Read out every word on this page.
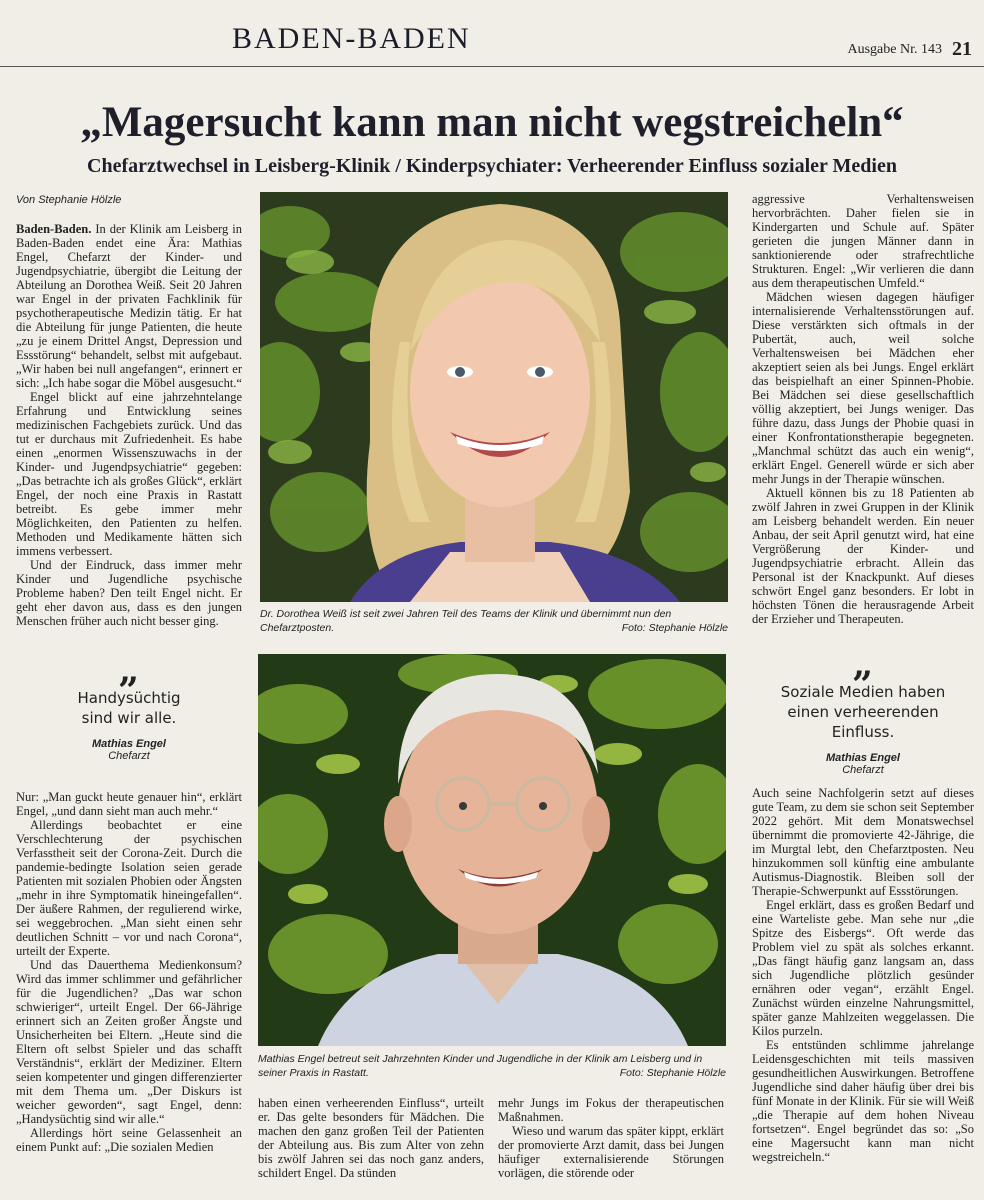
BADEN-BADEN	Ausgabe Nr. 143 21
„Magersucht kann man nicht wegstreicheln“
Chefarztwechsel in Leisberg-Klinik / Kinderpsychiater: Verheerender Einfluss sozialer Medien
Von Stephanie Hölzle

Baden-Baden. In der Klinik am Leisberg in Baden-Baden endet eine Ära: Mathias Engel, Chefarzt der Kinder- und Jugendpsychiatrie, übergibt die Leitung der Abteilung an Dorothea Weiß. Seit 20 Jahren war Engel in der privaten Fachklinik für psychotherapeutische Medizin tätig. Er hat die Abteilung für junge Patienten, die heute „zu je einem Drittel Angst, Depression und Essstörung“ behandelt, selbst mit aufgebaut. „Wir haben bei null angefangen“, erinnert er sich: „Ich habe sogar die Möbel ausgesucht.“

Engel blickt auf eine jahrzehntelange Erfahrung und Entwicklung seines medizinischen Fachgebiets zurück. Und das tut er durchaus mit Zufriedenheit. Es habe einen „enormen Wissenszuwachs in der Kinder- und Jugendpsychiatrie“ gegeben: „Das betrachte ich als großes Glück“, erklärt Engel, der noch eine Praxis in Rastatt betreibt. Es gebe immer mehr Möglichkeiten, den Patienten zu helfen. Methoden und Medikamente hätten sich immens verbessert.

Und der Eindruck, dass immer mehr Kinder und Jugendliche psychische Probleme haben? Den teilt Engel nicht. Er geht eher davon aus, dass es den jungen Menschen früher auch nicht besser ging.

„
Handysüchtig sind wir alle.
Mathias Engel
Chefarzt

Nur: „Man guckt heute genauer hin“, erklärt Engel, „und dann sieht man auch mehr.“

Allerdings beobachtet er eine Verschlechterung der psychischen Verfasstheit seit der Corona-Zeit. Durch die pandemie-bedingte Isolation seien gerade Patienten mit sozialen Phobien oder Ängsten „mehr in ihre Symptomatik hineingefallen“. Der äußere Rahmen, der regulierend wirke, sei weggebrochen. „Man sieht einen sehr deutlichen Schnitt – vor und nach Corona“, urteilt der Experte.

Und das Dauerthema Medienkonsum? Wird das immer schlimmer und gefährlicher für die Jugendlichen? „Das war schon schwieriger“, urteilt Engel. Der 66-Jährige erinnert sich an Zeiten großer Ängste und Unsicherheiten bei Eltern. „Heute sind die Eltern oft selbst Spieler und das schafft Verständnis“, erklärt der Mediziner. Eltern seien kompetenter und gingen differenzierter mit dem Thema um. „Der Diskurs ist weicher geworden“, sagt Engel, denn: „Handysüchtig sind wir alle.“

Allerdings hört seine Gelassenheit an einem Punkt auf: „Die sozialen Medien

Dr. Dorothea Weiß ist seit zwei Jahren Teil des Teams der Klinik und übernimmt nun den Chefarztposten.	Foto: Stephanie Hölzle
Mathias Engel betreut seit Jahrzehnten Kinder und Jugendliche in der Klinik am Leisberg und in seiner Praxis in Rastatt.	Foto: Stephanie Hölzle

haben einen verheerenden Einfluss“, urteilt er. Das gelte besonders für Mädchen. Die machen den ganz großen Teil der Patienten der Abteilung aus. Bis zum Alter von zehn bis zwölf Jahren sei das noch ganz anders, schildert Engel. Da stünden

mehr Jungs im Fokus der therapeutischen Maßnahmen.

Wieso und warum das später kippt, erklärt der promovierte Arzt damit, dass bei Jungen häufiger externalisierende Störungen vorlägen, die störende oder

aggressive Verhaltensweisen hervorbrächten. Daher fielen sie in Kindergarten und Schule auf. Später gerieten die jungen Männer dann in sanktionierende oder strafrechtliche Strukturen. Engel: „Wir verlieren die dann aus dem therapeutischen Umfeld.“

Mädchen wiesen dagegen häufiger internalisierende Verhaltensstörungen auf. Diese verstärkten sich oftmals in der Pubertät, auch, weil solche Verhaltensweisen bei Mädchen eher akzeptiert seien als bei Jungs. Engel erklärt das beispielhaft an einer Spinnen-Phobie. Bei Mädchen sei diese gesellschaftlich völlig akzeptiert, bei Jungs weniger. Das führe dazu, dass Jungs der Phobie quasi in einer Konfrontationstherapie begegneten. „Manchmal schützt das auch ein wenig“, erklärt Engel. Generell würde er sich aber mehr Jungs in der Therapie wünschen.

Aktuell können bis zu 18 Patienten ab zwölf Jahren in zwei Gruppen in der Klinik am Leisberg behandelt werden. Ein neuer Anbau, der seit April genutzt wird, hat eine Vergrößerung der Kinder- und Jugendpsychiatrie erbracht. Allein das Personal ist der Knackpunkt. Auf dieses schwört Engel ganz besonders. Er lobt in höchsten Tönen die herausragende Arbeit der Erzieher und Therapeuten.

„
Soziale Medien haben einen verheerenden Einfluss.
Mathias Engel
Chefarzt

Auch seine Nachfolgerin setzt auf dieses gute Team, zu dem sie schon seit September 2022 gehört. Mit dem Monatswechsel übernimmt die promovierte 42-Jährige, die im Murgtal lebt, den Chefarztposten. Neu hinzukommen soll künftig eine ambulante Autismus-Diagnostik. Bleiben soll der Therapie-Schwerpunkt auf Essstörungen.

Engel erklärt, dass es großen Bedarf und eine Warteliste gebe. Man sehe nur „die Spitze des Eisbergs“. Oft werde das Problem viel zu spät als solches erkannt. „Das fängt häufig ganz langsam an, dass sich Jugendliche plötzlich gesünder ernähren oder vegan“, erzählt Engel. Zunächst würden einzelne Nahrungsmittel, später ganze Mahlzeiten weggelassen. Die Kilos purzeln.

Es entstünden schlimme jahrelange Leidensgeschichten mit teils massiven gesundheitlichen Auswirkungen. Betroffene Jugendliche sind daher häufig über drei bis fünf Monate in der Klinik. Für sie will Weiß „die Therapie auf dem hohen Niveau fortsetzen“. Engel begründet das so: „So eine Magersucht kann man nicht wegstreicheln.“
